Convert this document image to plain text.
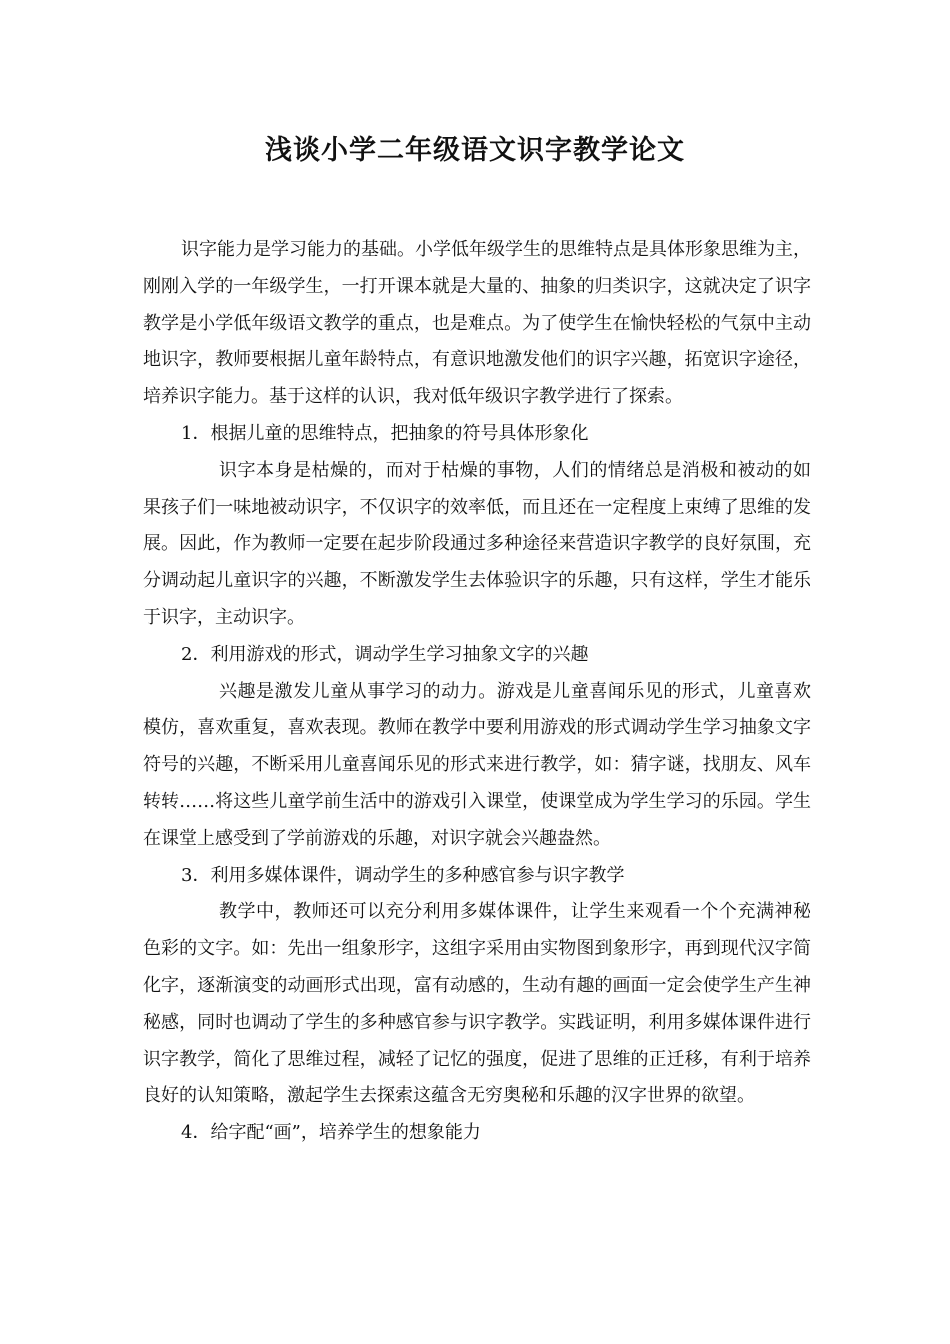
浅谈小学二年级语文识字教学论文

识字能力是学习能力的基础。小学低年级学生的思维特点是具体形象思维为主，刚刚入学的一年级学生，一打开课本就是大量的、抽象的归类识字，这就决定了识字教学是小学低年级语文教学的重点，也是难点。为了使学生在愉快轻松的气氛中主动地识字，教师要根据儿童年龄特点，有意识地激发他们的识字兴趣，拓宽识字途径，培养识字能力。基于这样的认识，我对低年级识字教学进行了探索。

1．根据儿童的思维特点，把抽象的符号具体形象化

识字本身是枯燥的，而对于枯燥的事物，人们的情绪总是消极和被动的如果孩子们一味地被动识字，不仅识字的效率低，而且还在一定程度上束缚了思维的发展。因此，作为教师一定要在起步阶段通过多种途径来营造识字教学的良好氛围，充分调动起儿童识字的兴趣，不断激发学生去体验识字的乐趣，只有这样，学生才能乐于识字，主动识字。

2．利用游戏的形式，调动学生学习抽象文字的兴趣

兴趣是激发儿童从事学习的动力。游戏是儿童喜闻乐见的形式，儿童喜欢模仿，喜欢重复，喜欢表现。教师在教学中要利用游戏的形式调动学生学习抽象文字符号的兴趣，不断采用儿童喜闻乐见的形式来进行教学，如：猜字谜，找朋友、风车转转……将这些儿童学前生活中的游戏引入课堂，使课堂成为学生学习的乐园。学生在课堂上感受到了学前游戏的乐趣，对识字就会兴趣盎然。

3．利用多媒体课件，调动学生的多种感官参与识字教学

教学中，教师还可以充分利用多媒体课件，让学生来观看一个个充满神秘色彩的文字。如：先出一组象形字，这组字采用由实物图到象形字，再到现代汉字简化字，逐渐演变的动画形式出现，富有动感的，生动有趣的画面一定会使学生产生神秘感，同时也调动了学生的多种感官参与识字教学。实践证明，利用多媒体课件进行识字教学，简化了思维过程，减轻了记忆的强度，促进了思维的正迁移，有利于培养良好的认知策略，激起学生去探索这蕴含无穷奥秘和乐趣的汉字世界的欲望。

4．给字配“画”，培养学生的想象能力
